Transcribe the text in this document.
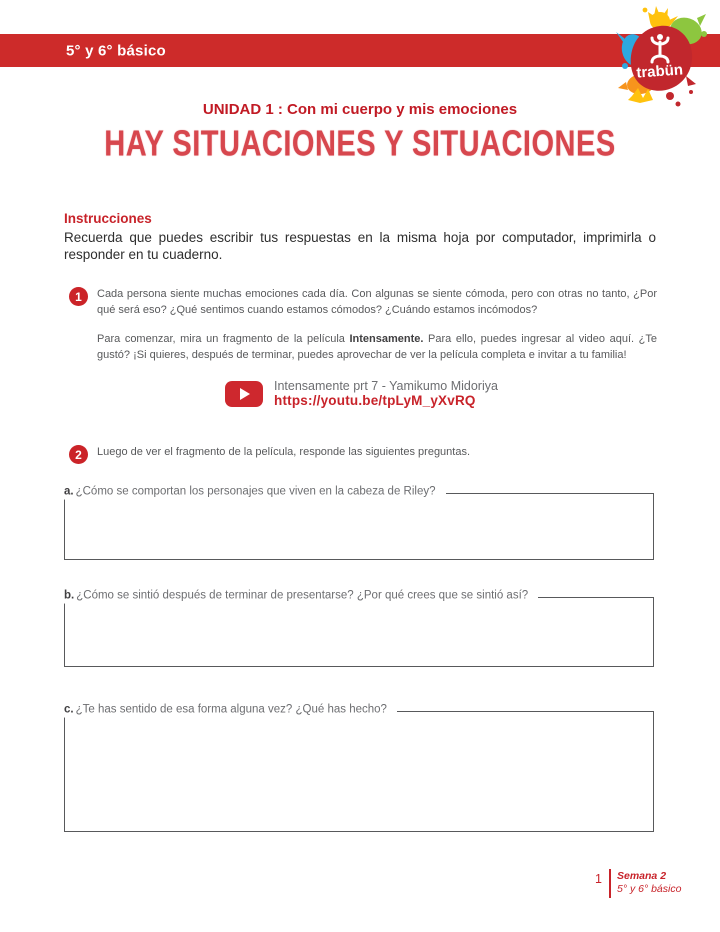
5° y 6° básico
trabün
UNIDAD 1 : Con mi cuerpo y mis emociones
HAY SITUACIONES Y SITUACIONES
Instrucciones
Recuerda que puedes escribir tus respuestas en la misma hoja por computador, imprimirla o responder en tu cuaderno.
1	Cada persona siente muchas emociones cada día. Con algunas se siente cómoda, pero con otras no tanto, ¿Por qué será eso? ¿Qué sentimos cuando estamos cómodos? ¿Cuándo estamos incómodos?
Para comenzar, mira un fragmento de la película Intensamente. Para ello, puedes ingresar al video aquí. ¿Te gustó? ¡Si quieres, después de terminar, puedes aprovechar de ver la película completa e invitar a tu familia!
Intensamente prt 7 - Yamikumo Midoriya
https://youtu.be/tpLyM_yXvRQ
2	Luego de ver el fragmento de la película, responde las siguientes preguntas.
a. ¿Cómo se comportan los personajes que viven en la cabeza de Riley?
b. ¿Cómo se sintió después de terminar de presentarse? ¿Por qué crees que se sintió así?
c. ¿Te has sentido de esa forma alguna vez? ¿Qué has hecho?
1 Semana 2
5° y 6° básico
